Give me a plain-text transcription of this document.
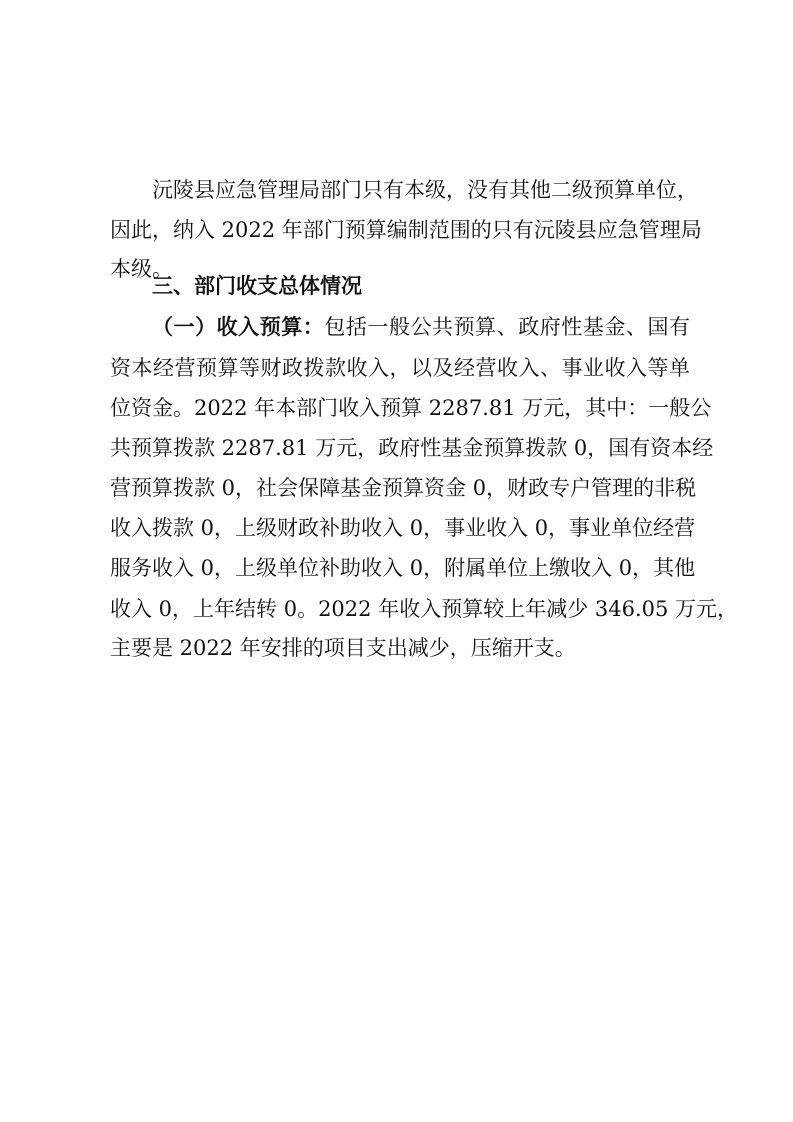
沅陵县应急管理局部门只有本级，没有其他二级预算单位，
因此，纳入 2022 年部门预算编制范围的只有沅陵县应急管理局
本级。
三、部门收支总体情况
（一）收入预算：包括一般公共预算、政府性基金、国有
资本经营预算等财政拨款收入，以及经营收入、事业收入等单
位资金。2022 年本部门收入预算 2287.81 万元，其中：一般公
共预算拨款 2287.81 万元，政府性基金预算拨款 0，国有资本经
营预算拨款 0，社会保障基金预算资金 0，财政专户管理的非税
收入拨款 0，上级财政补助收入 0，事业收入 0，事业单位经营
服务收入 0，上级单位补助收入 0，附属单位上缴收入 0，其他
收入 0，上年结转 0。2022 年收入预算较上年减少 346.05 万元，
主要是 2022 年安排的项目支出减少，压缩开支。
